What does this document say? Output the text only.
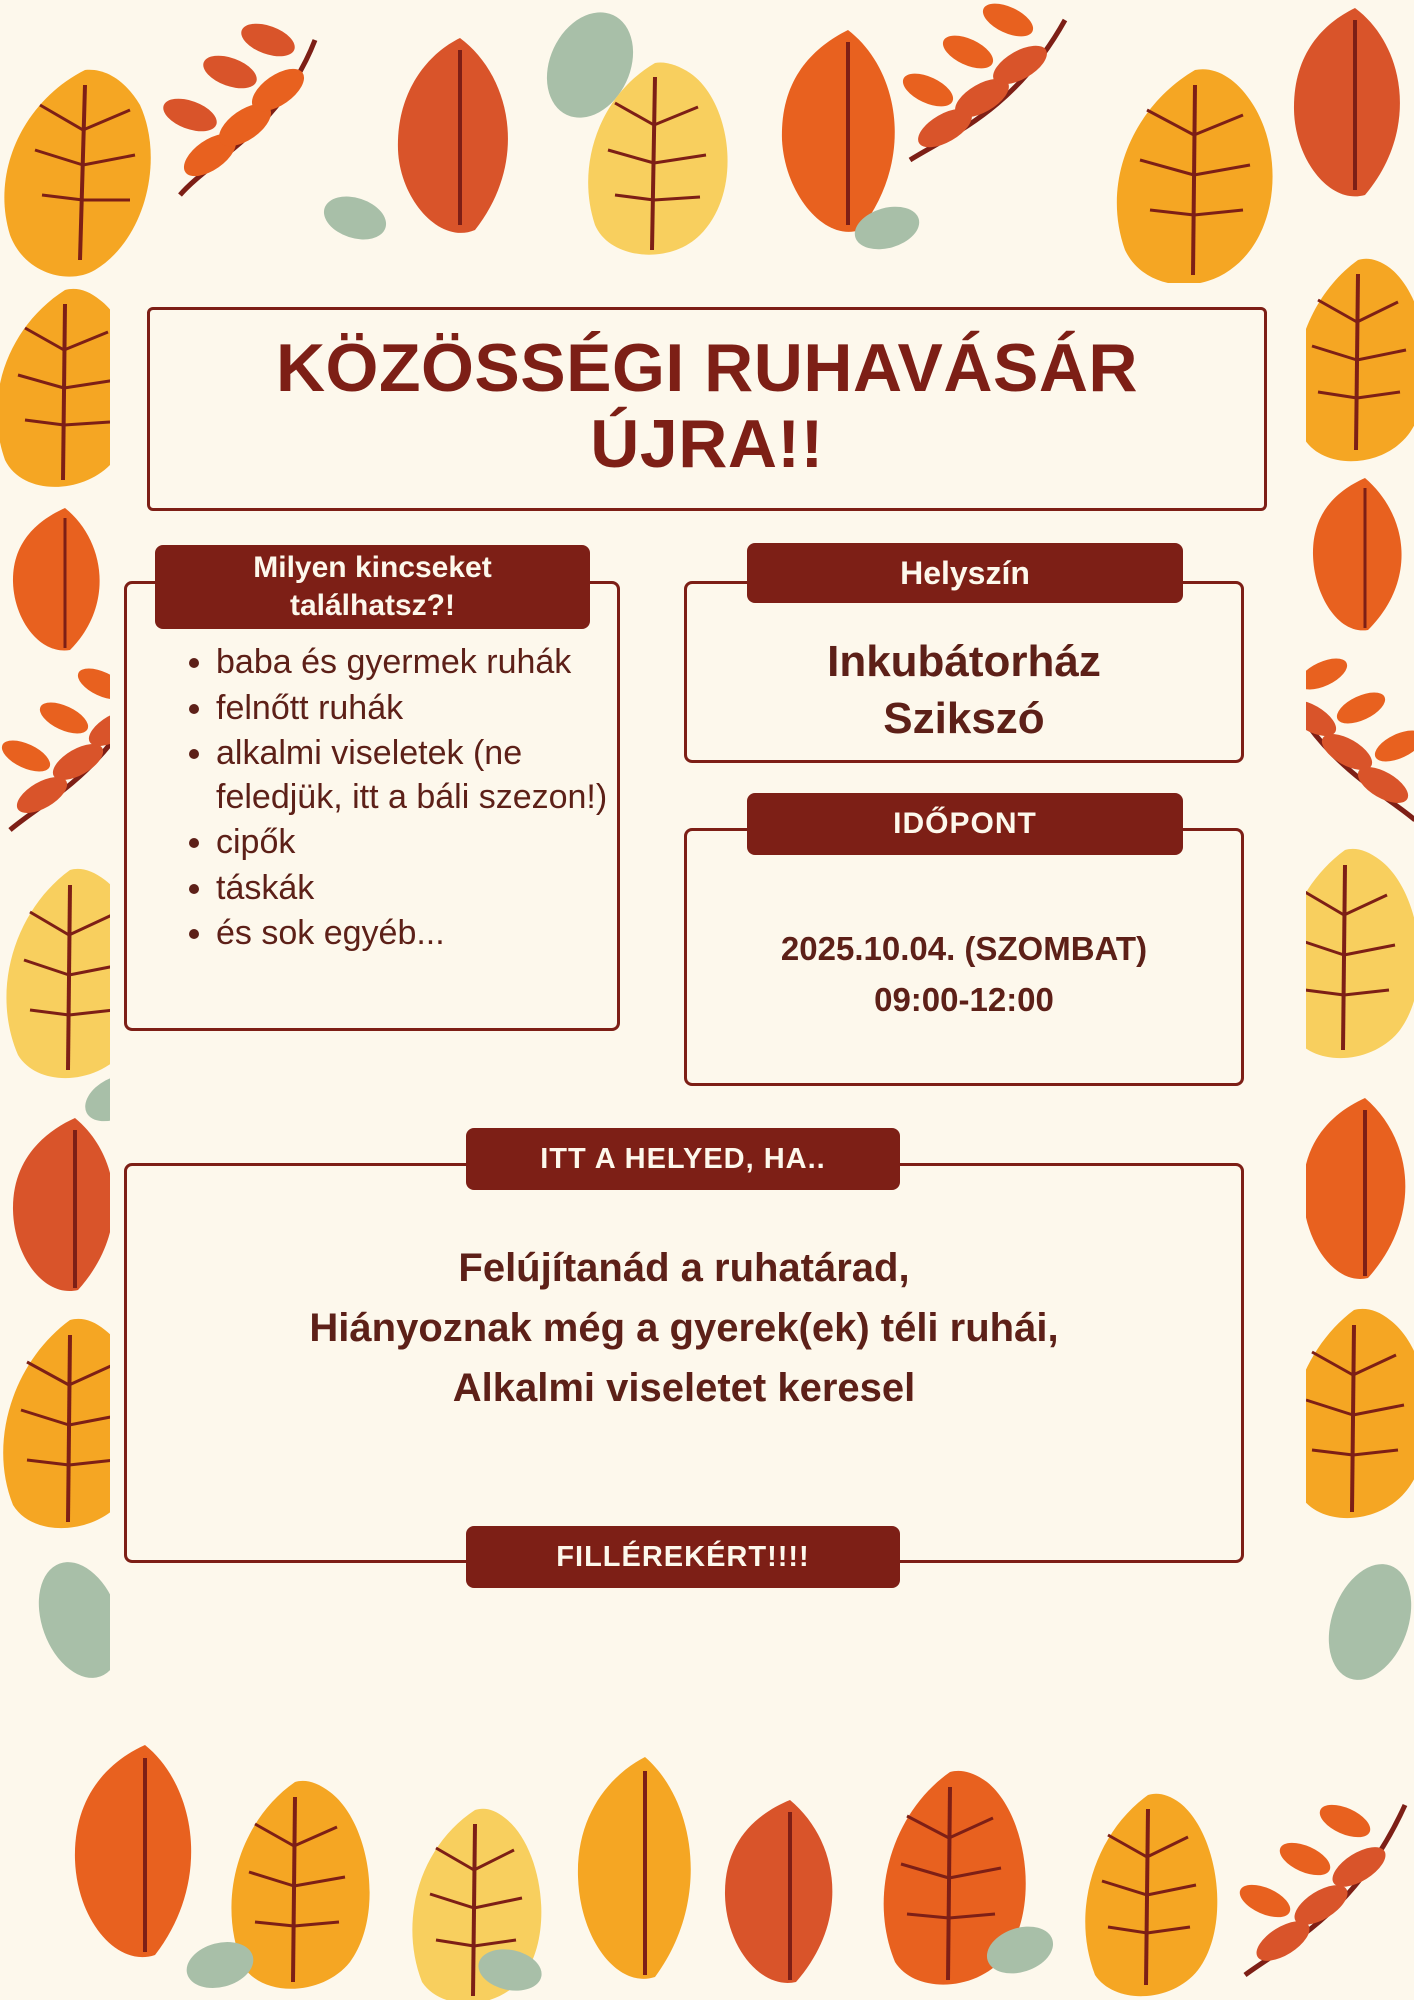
KÖZÖSSÉGI RUHAVÁSÁR
ÚJRA!!
Milyen kincseket
találhatsz?!
• baba és gyermek ruhák
• felnőtt ruhák
• alkalmi viseletek (ne feledjük, itt a báli szezon!)
• cipők
• táskák
• és sok egyéb...
Helyszín
Inkubátorház
Szikszó
IDŐPONT
2025.10.04. (SZOMBAT)
09:00-12:00
ITT A HELYED, HA..
Felújítanád a ruhatárad,
Hiányoznak még a gyerek(ek) téli ruhái,
Alkalmi viseletet keresel
FILLÉREKÉRT!!!!
